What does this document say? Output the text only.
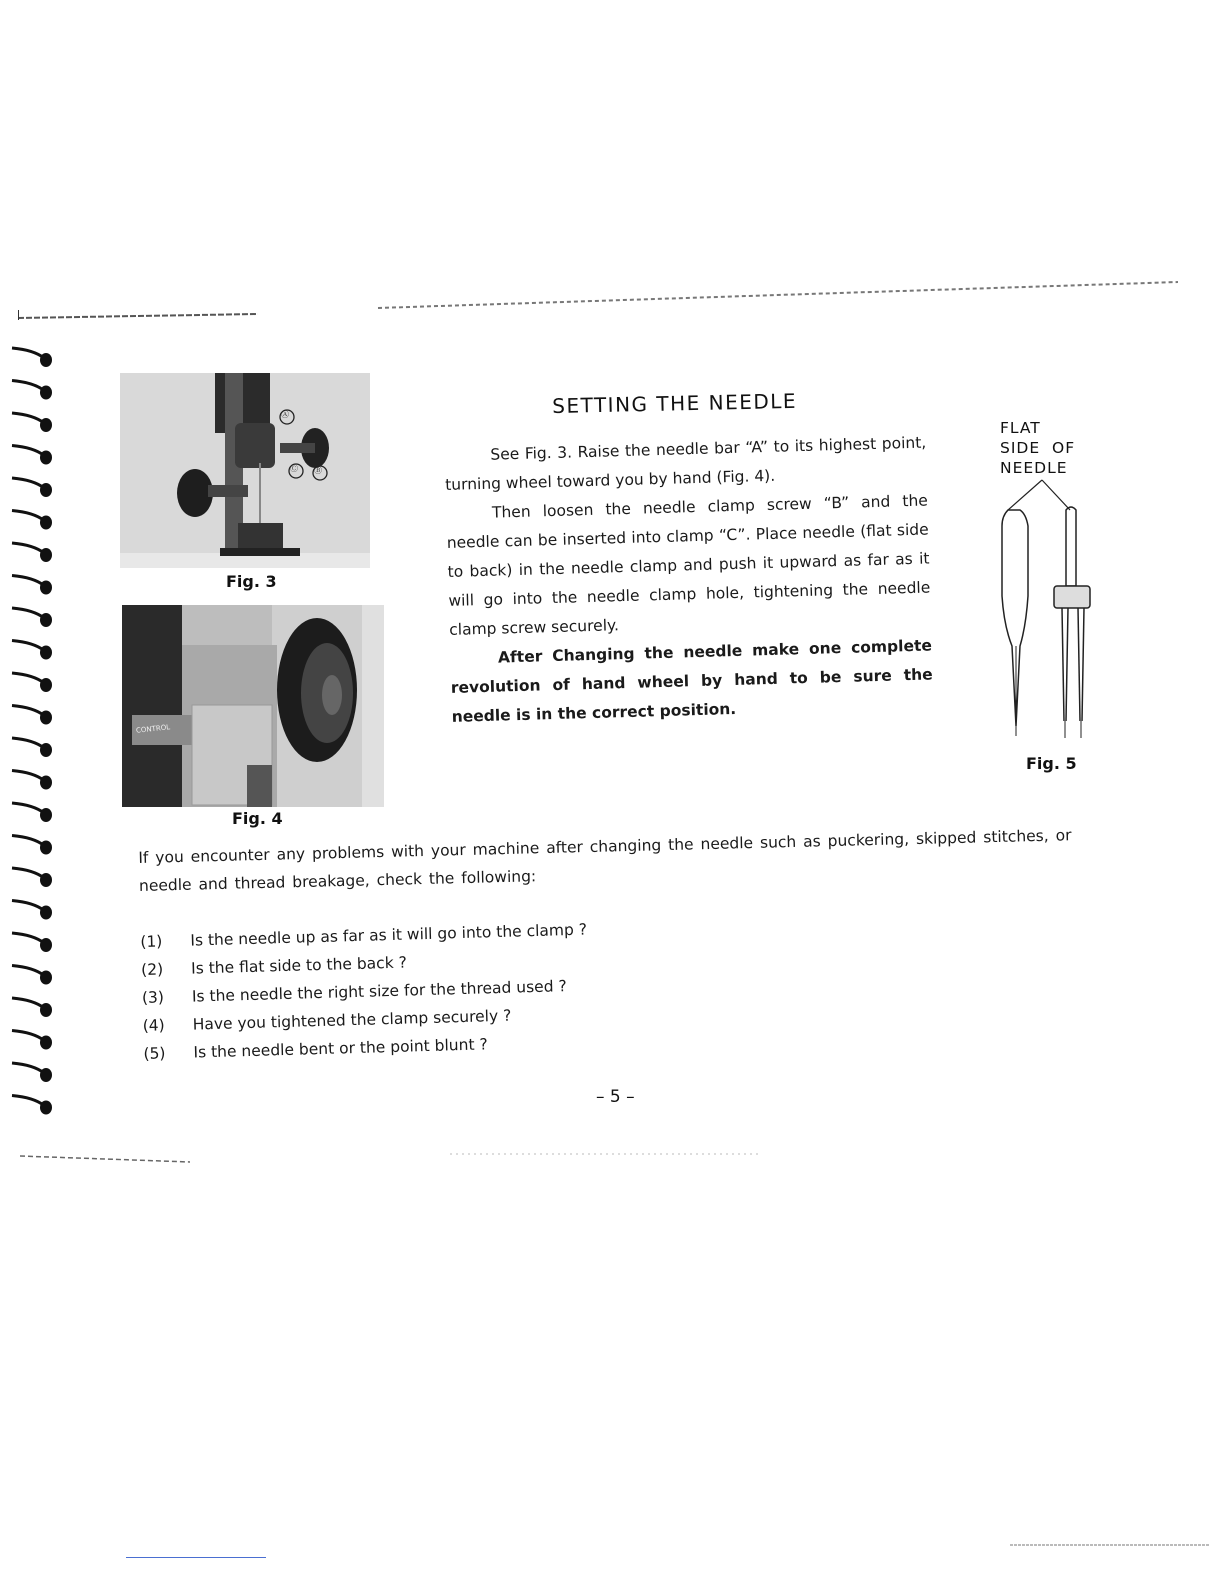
Ⓐ
Ⓒ Ⓑ
Fig. 3
CONTROL
Fig. 4
SETTING THE NEEDLE

See Fig. 3. Raise the needle bar “A” to its highest point, turning wheel toward you by hand (Fig. 4).

Then loosen the needle clamp screw “B” and the needle can be inserted into clamp “C”. Place needle (flat side to back) in the needle clamp and push it upward as far as it will go into the needle clamp hole, tightening the needle clamp screw securely.

After Changing the needle make one complete revolution of hand wheel by hand to be sure the needle is in the correct position.

FLAT
SIDE  OF
NEEDLE
Fig. 5

If you encounter any problems with your machine after changing the needle such as puckering, skipped stitches, or needle and thread breakage, check the following:

(1)	Is the needle up as far as it will go into the clamp ?
(2)	Is the flat side to the back ?
(3)	Is the needle the right size for the thread used ?
(4)	Have you tightened the clamp securely ?
(5)	Is the needle bent or the point blunt ?
– 5 –
